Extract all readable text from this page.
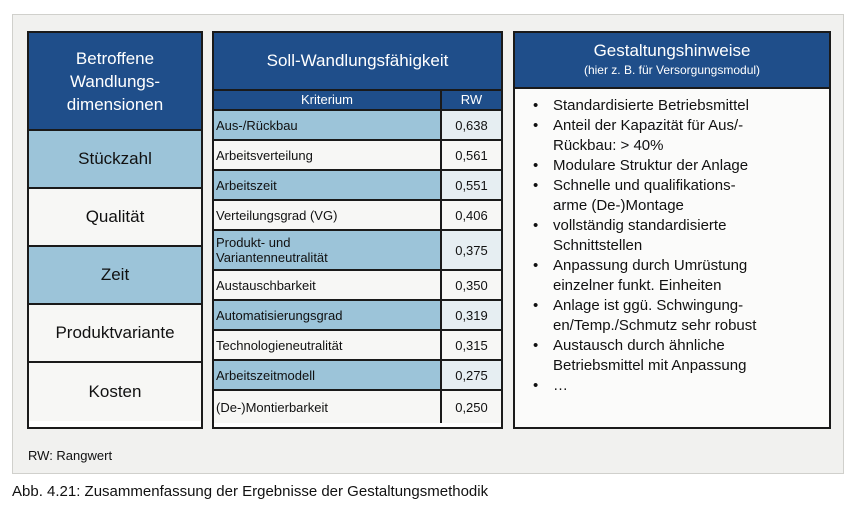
Betroffene
Wandlungs-
dimensionen
Stückzahl
Qualität
Zeit
Produktvariante
Kosten
Soll-Wandlungsfähigkeit
Kriterium	RW
Aus-/Rückbau	0,638
Arbeitsverteilung	0,561
Arbeitszeit	0,551
Verteilungsgrad (VG)	0,406
Produkt- und
Variantenneutralität	0,375
Austauschbarkeit	0,350
Automatisierungsgrad	0,319
Technologieneutralität	0,315
Arbeitszeitmodell	0,275
(De-)Montierbarkeit	0,250
Gestaltungshinweise
(hier z. B. für Versorgungsmodul)
• Standardisierte Betriebsmittel
• Anteil der Kapazität für Aus/-
Rückbau: > 40%
• Modulare Struktur der Anlage
• Schnelle und qualifikations-
arme (De-)Montage
• vollständig standardisierte
Schnittstellen
• Anpassung durch Umrüstung
einzelner funkt. Einheiten
• Anlage ist ggü. Schwingung-
en/Temp./Schmutz sehr robust
• Austausch durch ähnliche
Betriebsmittel mit Anpassung
• …
RW: Rangwert
Abb. 4.21: Zusammenfassung der Ergebnisse der Gestaltungsmethodik
